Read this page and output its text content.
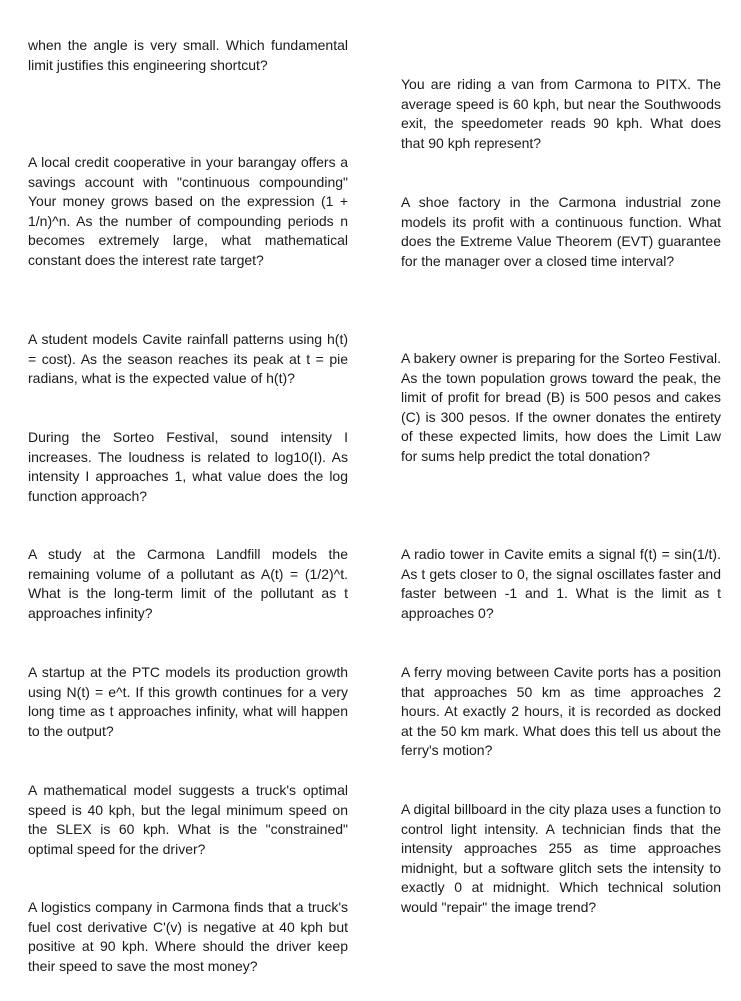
when the angle is very small. Which fundamental limit justifies this engineering shortcut?

A local credit cooperative in your barangay offers a savings account with "continuous compounding" Your money grows based on the expression (1 + 1/n)^n. As the number of compounding periods n becomes extremely large, what mathematical constant does the interest rate target?

A student models Cavite rainfall patterns using h(t) = cost). As the season reaches its peak at t = pie radians, what is the expected value of h(t)?

During the Sorteo Festival, sound intensity I increases. The loudness is related to log10(I). As intensity I approaches 1, what value does the log function approach?

A study at the Carmona Landfill models the remaining volume of a pollutant as A(t) = (1/2)^t. What is the long-term limit of the pollutant as t approaches infinity?

A startup at the PTC models its production growth using N(t) = e^t. If this growth continues for a very long time as t approaches infinity, what will happen to the output?

A mathematical model suggests a truck's optimal speed is 40 kph, but the legal minimum speed on the SLEX is 60 kph. What is the "constrained" optimal speed for the driver?

A logistics company in Carmona finds that a truck's fuel cost derivative C'(v) is negative at 40 kph but positive at 90 kph. Where should the driver keep their speed to save the most money?

You are riding a van from Carmona to PITX. The average speed is 60 kph, but near the Southwoods exit, the speedometer reads 90 kph. What does that 90 kph represent?

A shoe factory in the Carmona industrial zone models its profit with a continuous function. What does the Extreme Value Theorem (EVT) guarantee for the manager over a closed time interval?

A bakery owner is preparing for the Sorteo Festival. As the town population grows toward the peak, the limit of profit for bread (B) is 500 pesos and cakes (C) is 300 pesos. If the owner donates the entirety of these expected limits, how does the Limit Law for sums help predict the total donation?

A radio tower in Cavite emits a signal f(t) = sin(1/t). As t gets closer to 0, the signal oscillates faster and faster between -1 and 1. What is the limit as t approaches 0?

A ferry moving between Cavite ports has a position that approaches 50 km as time approaches 2 hours. At exactly 2 hours, it is recorded as docked at the 50 km mark. What does this tell us about the ferry's motion?

A digital billboard in the city plaza uses a function to control light intensity. A technician finds that the intensity approaches 255 as time approaches midnight, but a software glitch sets the intensity to exactly 0 at midnight. Which technical solution would "repair" the image trend?
